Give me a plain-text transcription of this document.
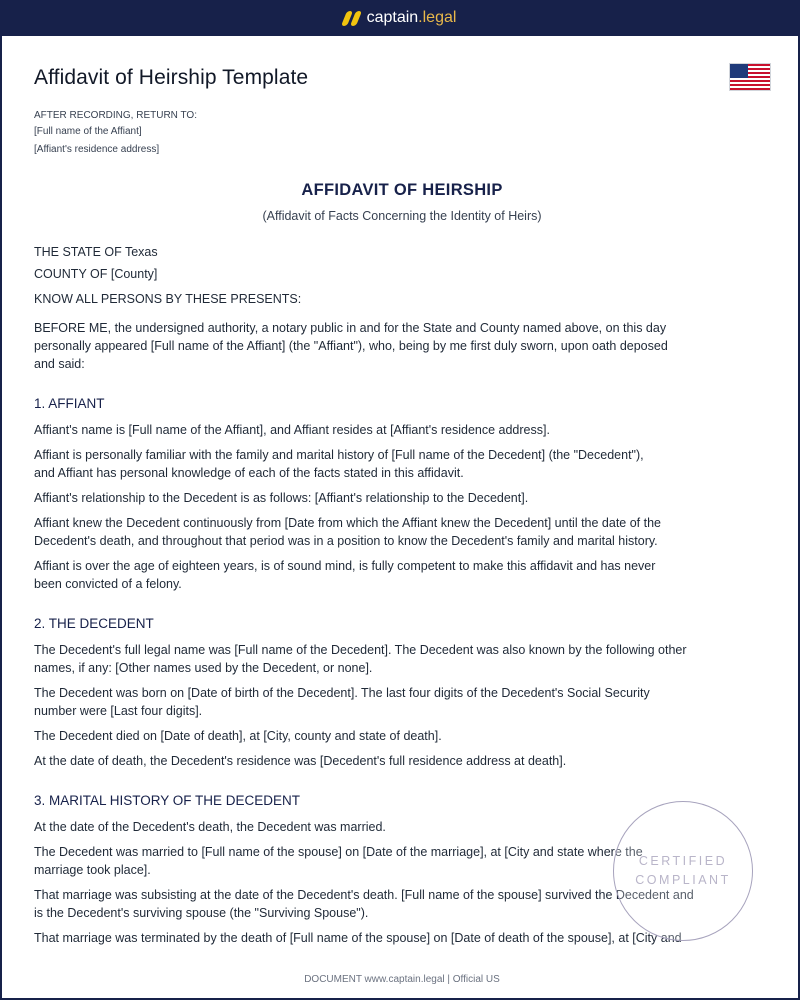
captain.legal
Affidavit of Heirship Template

AFTER RECORDING, RETURN TO:

[Full name of the Affiant]

[Affiant's residence address]

AFFIDAVIT OF HEIRSHIP

(Affidavit of Facts Concerning the Identity of Heirs)

THE STATE OF Texas

COUNTY OF [County]

KNOW ALL PERSONS BY THESE PRESENTS:

BEFORE ME, the undersigned authority, a notary public in and for the State and County named above, on this day

personally appeared [Full name of the Affiant] (the "Affiant"), who, being by me first duly sworn, upon oath deposed

and said:

1. AFFIANT

Affiant's name is [Full name of the Affiant], and Affiant resides at [Affiant's residence address].

Affiant is personally familiar with the family and marital history of [Full name of the Decedent] (the "Decedent"),

and Affiant has personal knowledge of each of the facts stated in this affidavit.

Affiant's relationship to the Decedent is as follows: [Affiant's relationship to the Decedent].

Affiant knew the Decedent continuously from [Date from which the Affiant knew the Decedent] until the date of the

Decedent's death, and throughout that period was in a position to know the Decedent's family and marital history.

Affiant is over the age of eighteen years, is of sound mind, is fully competent to make this affidavit and has never

been convicted of a felony.

2. THE DECEDENT

The Decedent's full legal name was [Full name of the Decedent]. The Decedent was also known by the following other

names, if any: [Other names used by the Decedent, or none].

The Decedent was born on [Date of birth of the Decedent]. The last four digits of the Decedent's Social Security

number were [Last four digits].

The Decedent died on [Date of death], at [City, county and state of death].

At the date of death, the Decedent's residence was [Decedent's full residence address at death].

3. MARITAL HISTORY OF THE DECEDENT

At the date of the Decedent's death, the Decedent was married.

The Decedent was married to [Full name of the spouse] on [Date of the marriage], at [City and state where the

marriage took place].

That marriage was subsisting at the date of the Decedent's death. [Full name of the spouse] survived the Decedent and

is the Decedent's surviving spouse (the "Surviving Spouse").

That marriage was terminated by the death of [Full name of the spouse] on [Date of death of the spouse], at [City and

CERTIFIED
COMPLIANT
DOCUMENT www.captain.legal | Official US
